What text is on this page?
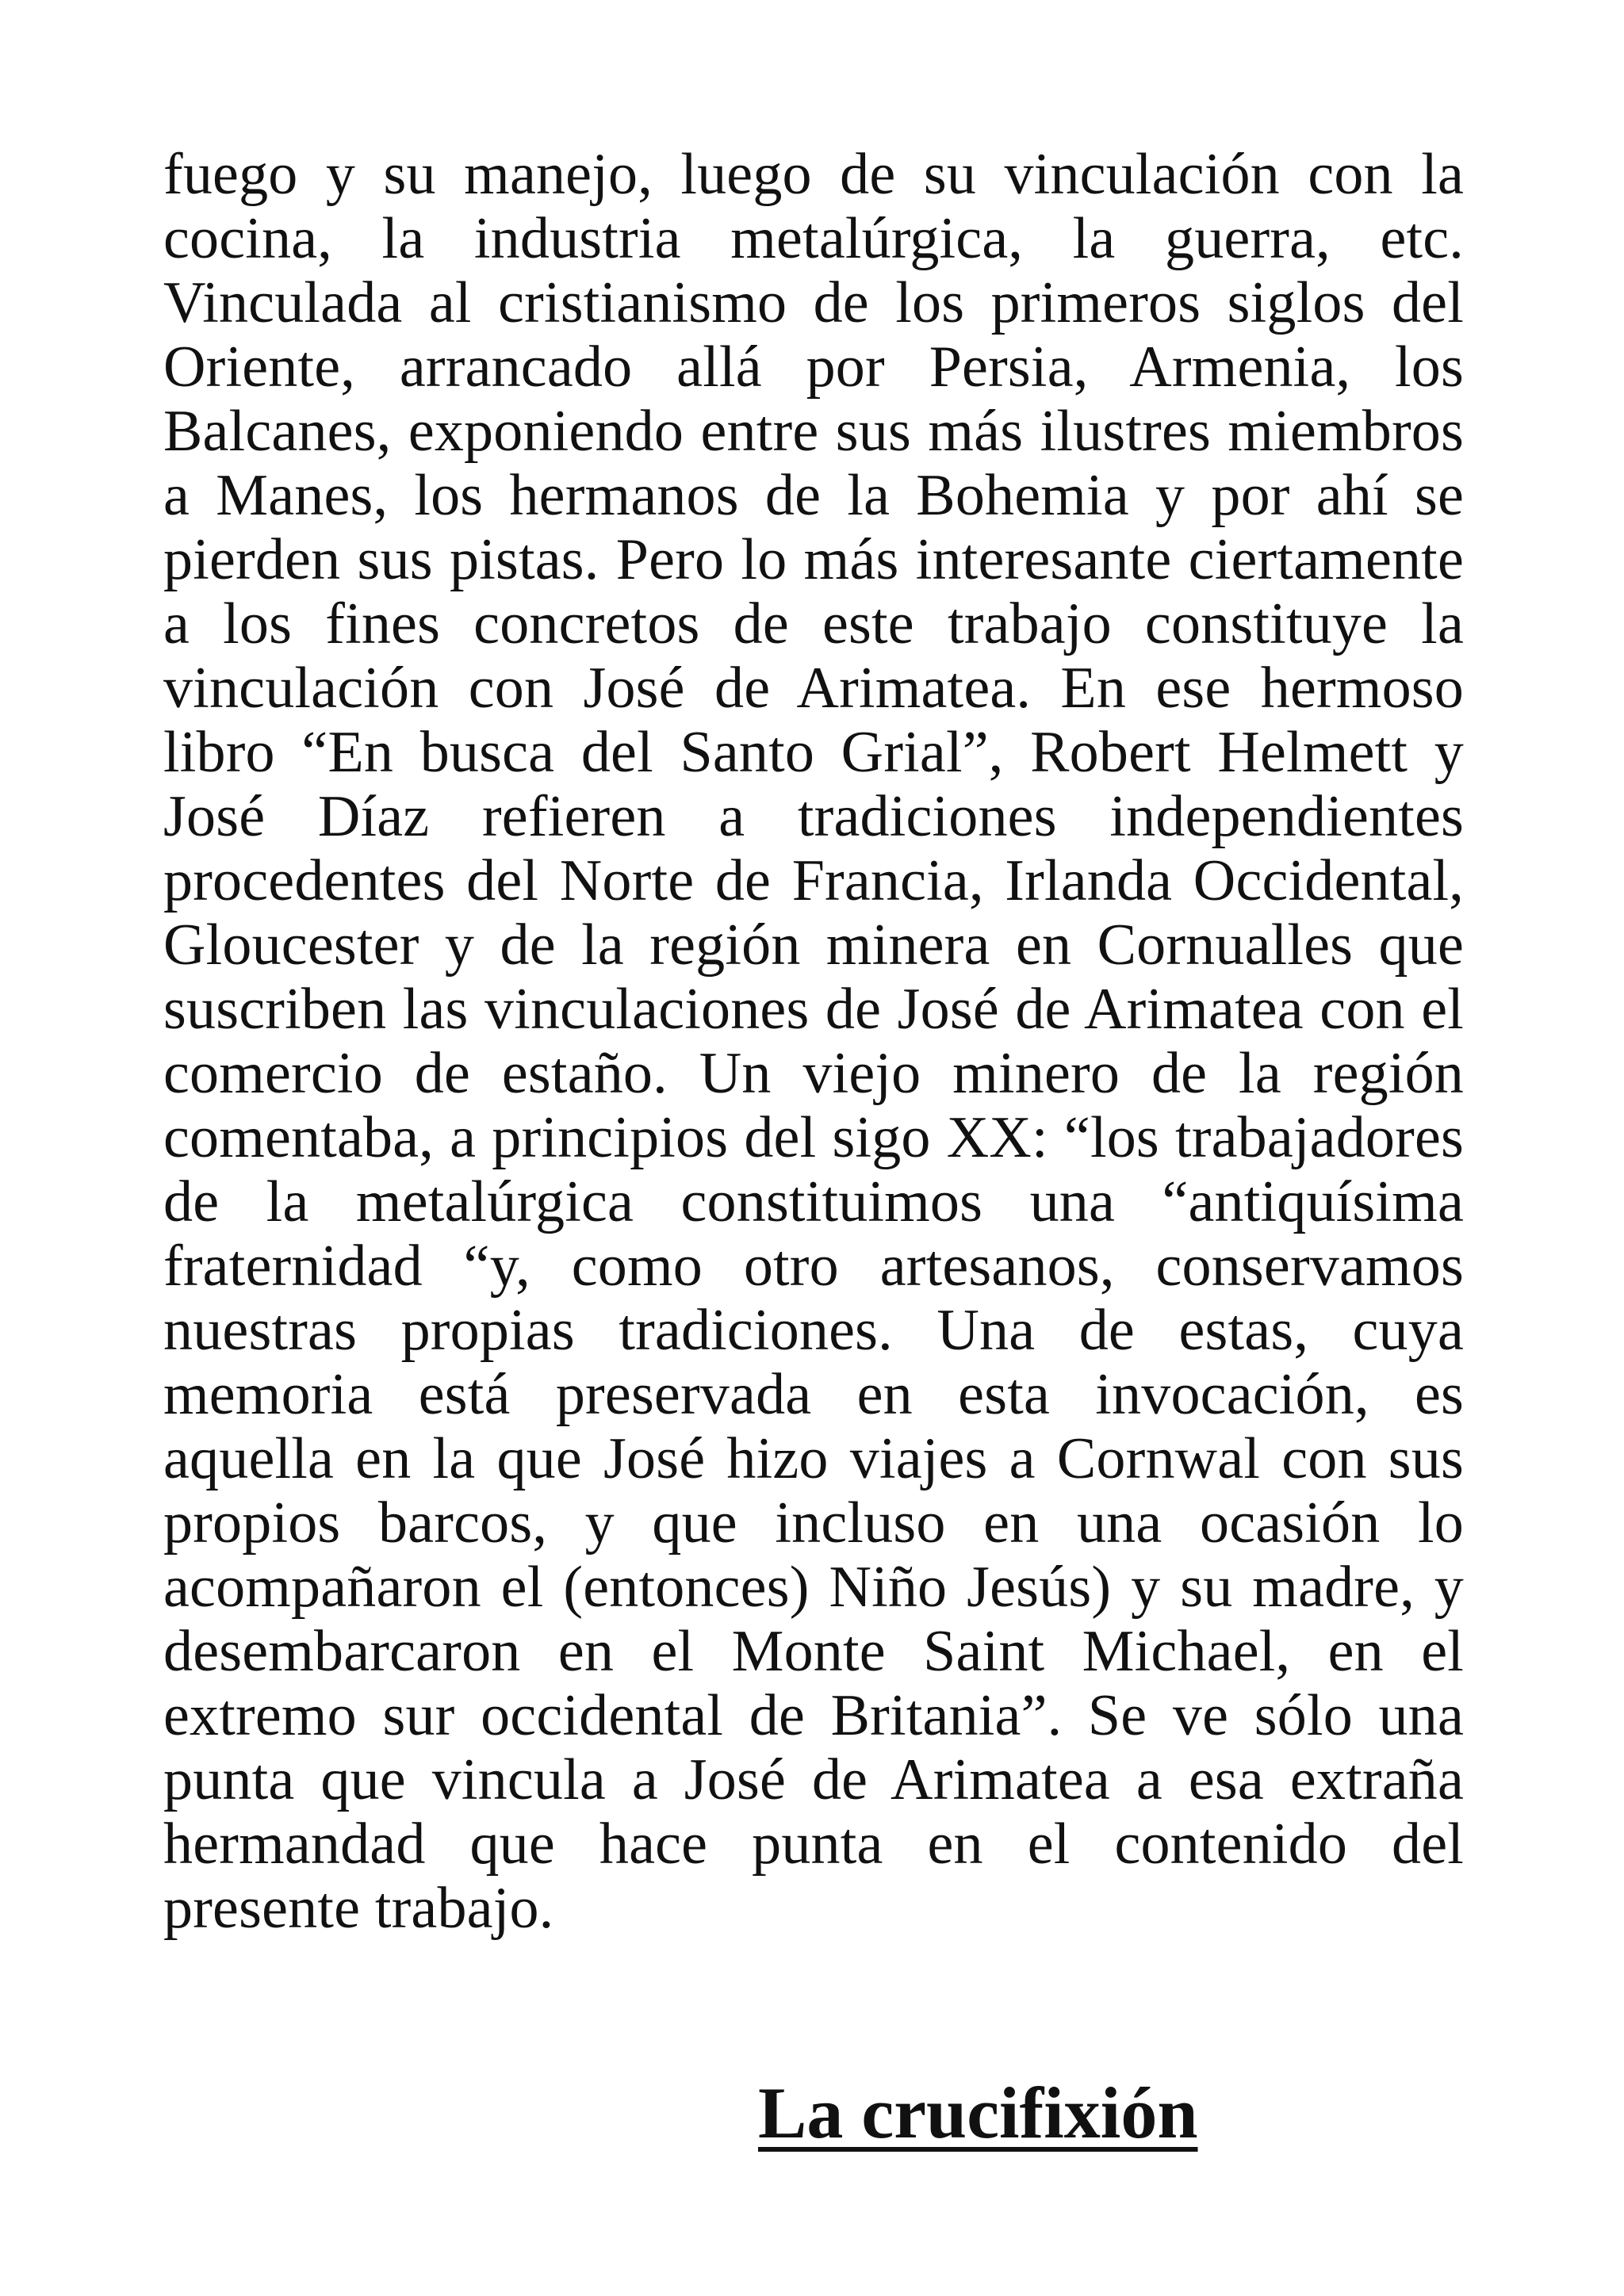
fuego y su manejo, luego de su vinculación con la cocina, la industria metalúrgica, la guerra, etc. Vinculada al cristianismo de los primeros siglos del Oriente, arrancado allá por Persia, Armenia, los Balcanes, exponiendo entre sus más ilustres miembros a Manes, los hermanos de la Bohemia y por ahí se pierden sus pistas. Pero lo más interesante ciertamente a los fines concretos de este trabajo constituye la vinculación con José de Arimatea. En ese hermoso libro “En busca del Santo Grial”, Robert Helmett y José Díaz refieren a tradiciones independientes procedentes del Norte de Francia, Irlanda Occidental, Gloucester y de la región minera en Cornualles que suscriben las vinculaciones de José de Arimatea con el comercio de estaño. Un viejo minero de la región comentaba, a principios del sigo XX: “los trabajadores de la metalúrgica constituimos una “antiquísima fraternidad “y, como otro artesanos, conservamos nuestras propias tradiciones. Una de estas, cuya memoria está preservada en esta invocación, es aquella en la que José hizo viajes a Cornwal con sus propios barcos, y que incluso en una ocasión lo acompañaron el (entonces) Niño Jesús) y su madre, y desembarcaron en el Monte Saint Michael, en el extremo sur occidental de Britania”. Se ve sólo una punta que vincula a José de Arimatea a esa extraña hermandad que hace punta en el contenido del presente trabajo.

La crucifixión
